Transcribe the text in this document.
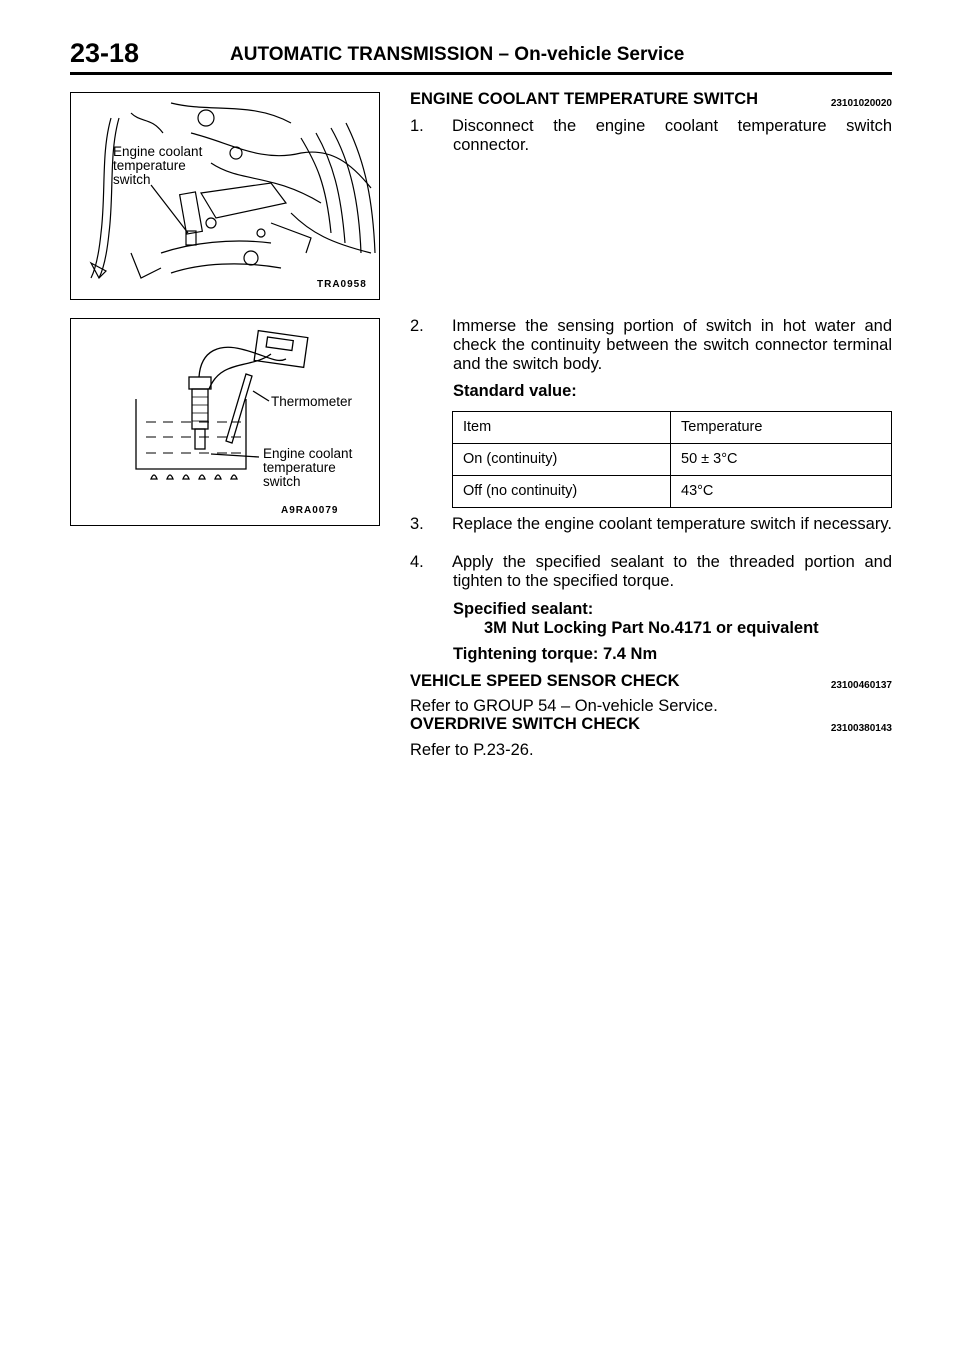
23-18	AUTOMATIC TRANSMISSION – On-vehicle Service
Engine coolant
temperature
switch
TRA0958
Thermometer
Engine coolant
temperature
switch
A9RA0079
ENGINE COOLANT TEMPERATURE SWITCH	23101020020
1.	Disconnect the engine coolant temperature switch connector.
2.	Immerse the sensing portion of switch in hot water and check the continuity between the switch connector terminal and the switch body.
Standard value:
Item	Temperature
On (continuity)	50 ± 3°C
Off (no continuity)	43°C
3.	Replace the engine coolant temperature switch if necessary.
4.	Apply the specified sealant to the threaded portion and tighten to the specified torque.
Specified sealant:
3M Nut Locking Part No.4171 or equivalent
Tightening torque: 7.4 Nm
VEHICLE SPEED SENSOR CHECK	23100460137
Refer to GROUP 54 – On-vehicle Service.
OVERDRIVE SWITCH CHECK	23100380143
Refer to P.23-26.
